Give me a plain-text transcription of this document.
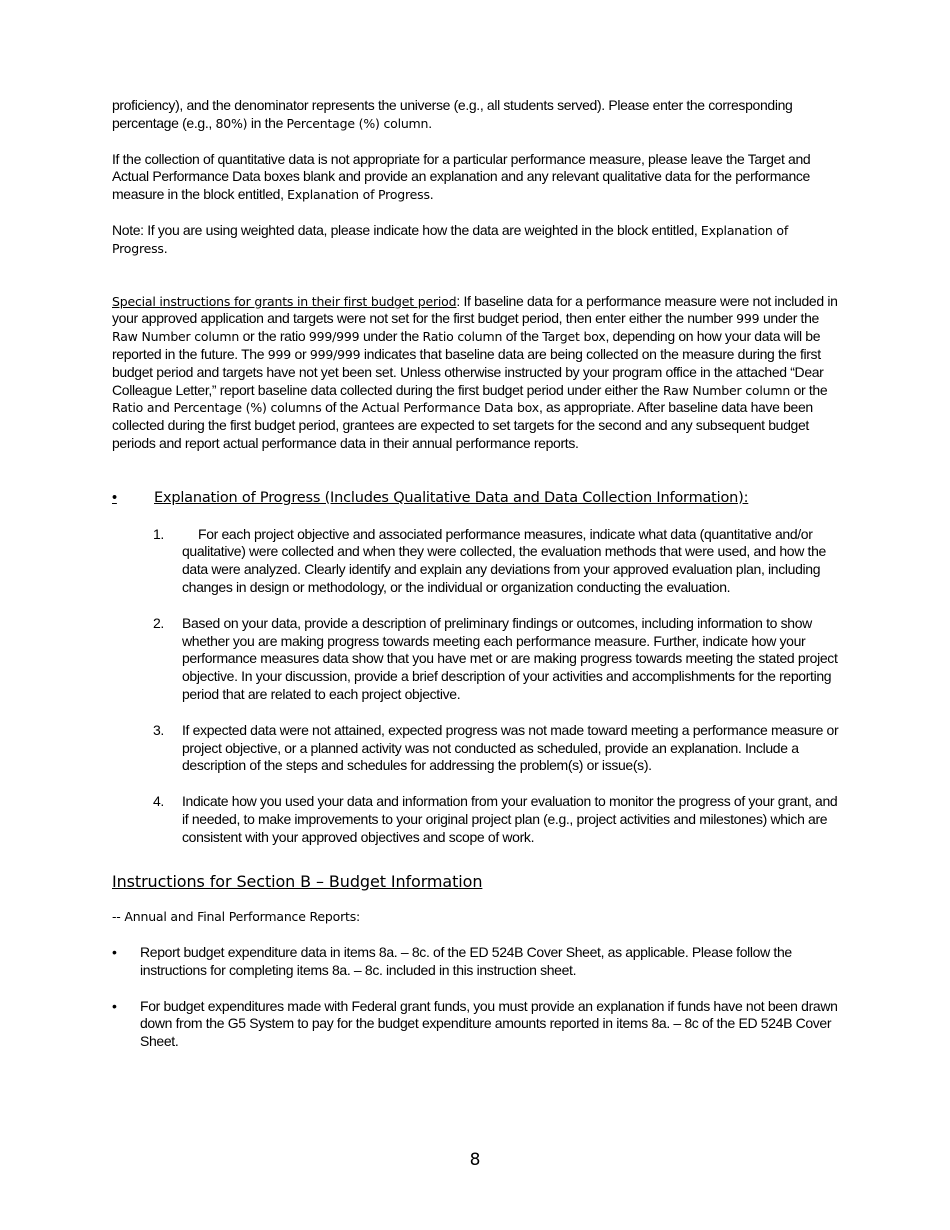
proficiency), and the denominator represents the universe (e.g., all students served). Please enter the corresponding percentage (e.g., 80%) in the Percentage (%) column.

If the collection of quantitative data is not appropriate for a particular performance measure, please leave the Target and Actual Performance Data boxes blank and provide an explanation and any relevant qualitative data for the performance measure in the block entitled, Explanation of Progress.

Note: If you are using weighted data, please indicate how the data are weighted in the block entitled, Explanation of Progress.

Special instructions for grants in their first budget period: If baseline data for a performance measure were not included in your approved application and targets were not set for the first budget period, then enter either the number 999 under the Raw Number column or the ratio 999/999 under the Ratio column of the Target box, depending on how your data will be reported in the future. The 999 or 999/999 indicates that baseline data are being collected on the measure during the first budget period and targets have not yet been set. Unless otherwise instructed by your program office in the attached “Dear Colleague Letter,” report baseline data collected during the first budget period under either the Raw Number column or the Ratio and Percentage (%) columns of the Actual Performance Data box, as appropriate. After baseline data have been collected during the first budget period, grantees are expected to set targets for the second and any subsequent budget periods and report actual performance data in their annual performance reports.

•	Explanation of Progress (Includes Qualitative Data and Data Collection Information):
1.	For each project objective and associated performance measures, indicate what data (quantitative and/or qualitative) were collected and when they were collected, the evaluation methods that were used, and how the data were analyzed. Clearly identify and explain any deviations from your approved evaluation plan, including changes in design or methodology, or the individual or organization conducting the evaluation.
2.	Based on your data, provide a description of preliminary findings or outcomes, including information to show whether you are making progress towards meeting each performance measure. Further, indicate how your performance measures data show that you have met or are making progress towards meeting the stated project objective. In your discussion, provide a brief description of your activities and accomplishments for the reporting period that are related to each project objective.
3.	If expected data were not attained, expected progress was not made toward meeting a performance measure or project objective, or a planned activity was not conducted as scheduled, provide an explanation. Include a description of the steps and schedules for addressing the problem(s) or issue(s).
4.	Indicate how you used your data and information from your evaluation to monitor the progress of your grant, and if needed, to make improvements to your original project plan (e.g., project activities and milestones) which are consistent with your approved objectives and scope of work.

Instructions for Section B – Budget Information

-- Annual and Final Performance Reports:

•	Report budget expenditure data in items 8a. – 8c. of the ED 524B Cover Sheet, as applicable. Please follow the instructions for completing items 8a. – 8c. included in this instruction sheet.
•	For budget expenditures made with Federal grant funds, you must provide an explanation if funds have not been drawn down from the G5 System to pay for the budget expenditure amounts reported in items 8a. – 8c of the ED 524B Cover Sheet.
8
